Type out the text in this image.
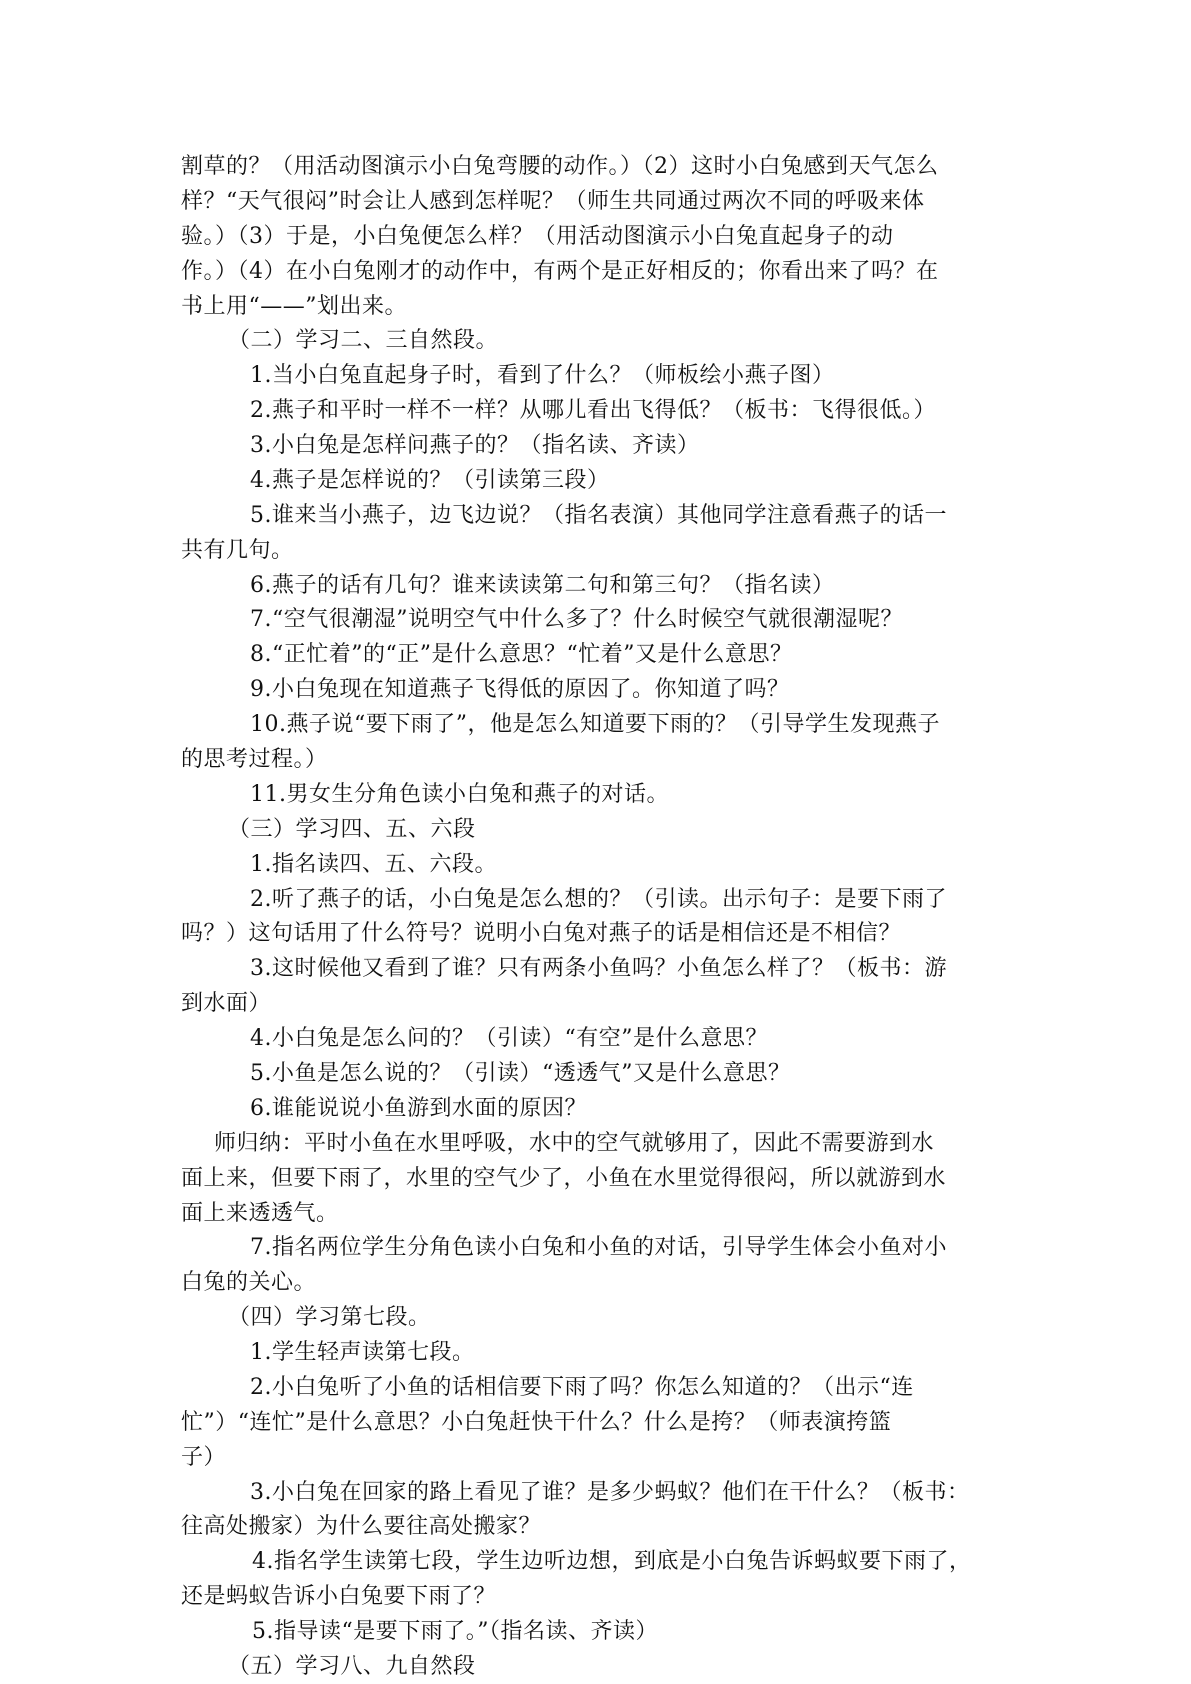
割草的？（用活动图演示小白兔弯腰的动作。）（2）这时小白兔感到天气怎么
样？“天气很闷”时会让人感到怎样呢？（师生共同通过两次不同的呼吸来体
验。）（3）于是，小白兔便怎么样？（用活动图演示小白兔直起身子的动
作。）（4）在小白兔刚才的动作中，有两个是正好相反的；你看出来了吗？在
书上用“——”划出来。
（二）学习二、三自然段。
1.当小白兔直起身子时，看到了什么？（师板绘小燕子图）
2.燕子和平时一样不一样？从哪儿看出飞得低？（板书：飞得很低。）
3.小白兔是怎样问燕子的？（指名读、齐读）
4.燕子是怎样说的？（引读第三段）
5.谁来当小燕子，边飞边说？（指名表演）其他同学注意看燕子的话一
共有几句。
6.燕子的话有几句？谁来读读第二句和第三句？（指名读）
7.“空气很潮湿”说明空气中什么多了？什么时候空气就很潮湿呢？
8.“正忙着”的“正”是什么意思？“忙着”又是什么意思？
9.小白兔现在知道燕子飞得低的原因了。你知道了吗？
10.燕子说“要下雨了”，他是怎么知道要下雨的？（引导学生发现燕子
的思考过程。）
11.男女生分角色读小白兔和燕子的对话。
（三）学习四、五、六段
1.指名读四、五、六段。
2.听了燕子的话，小白兔是怎么想的？（引读。出示句子：是要下雨了
吗？）这句话用了什么符号？说明小白兔对燕子的话是相信还是不相信？
3.这时候他又看到了谁？只有两条小鱼吗？小鱼怎么样了？（板书：游
到水面）
4.小白兔是怎么问的？（引读）“有空”是什么意思？
5.小鱼是怎么说的？（引读）“透透气”又是什么意思？
6.谁能说说小鱼游到水面的原因？
师归纳：平时小鱼在水里呼吸，水中的空气就够用了，因此不需要游到水
面上来，但要下雨了，水里的空气少了，小鱼在水里觉得很闷，所以就游到水
面上来透透气。
7.指名两位学生分角色读小白兔和小鱼的对话，引导学生体会小鱼对小
白兔的关心。
（四）学习第七段。
1.学生轻声读第七段。
2.小白兔听了小鱼的话相信要下雨了吗？你怎么知道的？（出示“连
忙”）“连忙”是什么意思？小白兔赶快干什么？什么是挎？（师表演挎篮
子）
3.小白兔在回家的路上看见了谁？是多少蚂蚁？他们在干什么？（板书：
往高处搬家）为什么要往高处搬家？
4.指名学生读第七段，学生边听边想，到底是小白兔告诉蚂蚁要下雨了，
还是蚂蚁告诉小白兔要下雨了？
5.指导读“是要下雨了。”（指名读、齐读）
（五）学习八、九自然段
